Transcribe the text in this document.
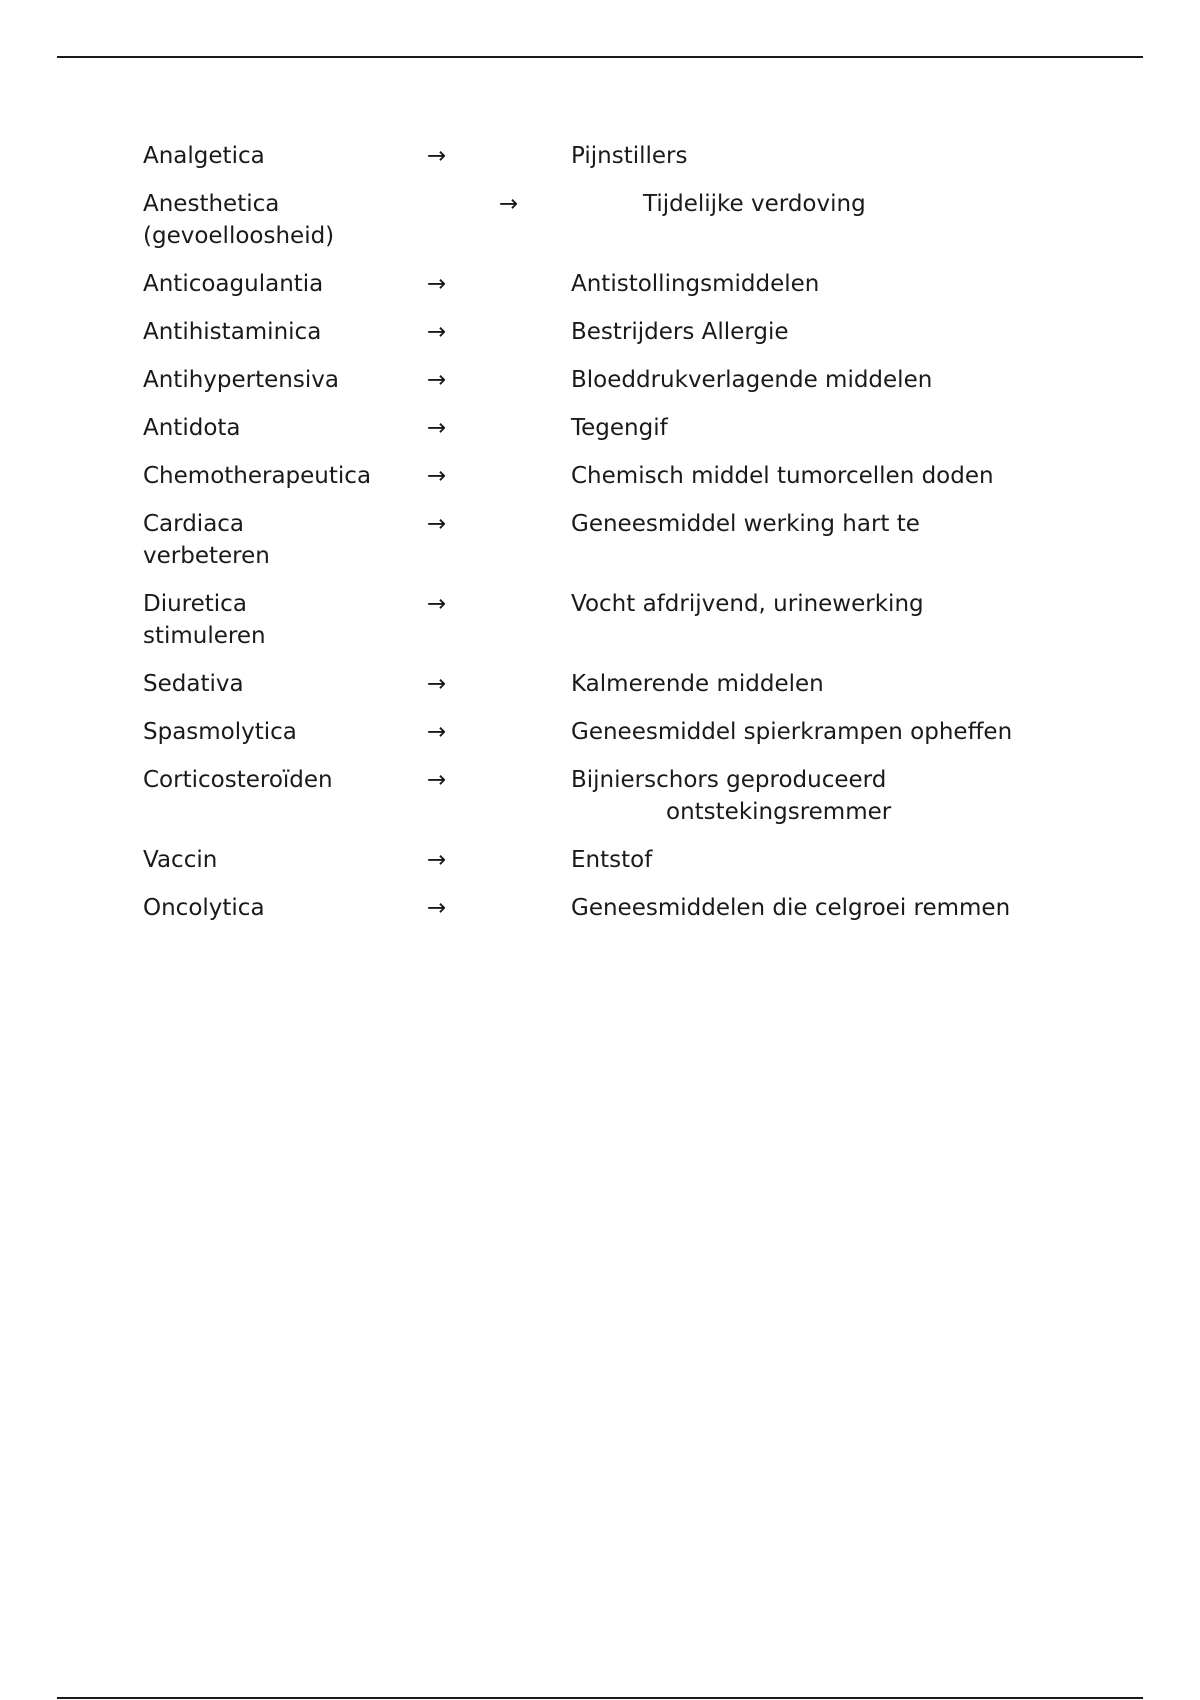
Analgetica	→	Pijnstillers
Anesthetica	→	Tijdelijke verdoving
(gevoelloosheid)
Anticoagulantia	→	Antistollingsmiddelen
Antihistaminica	→	Bestrijders Allergie
Antihypertensiva	→	Bloeddrukverlagende middelen
Antidota	→	Tegengif
Chemotherapeutica →	Chemisch middel tumorcellen doden
Cardiaca	→	Geneesmiddel werking hart te
verbeteren
Diuretica	→	Vocht afdrijvend, urinewerking
stimuleren
Sedativa	→	Kalmerende middelen
Spasmolytica	→	Geneesmiddel spierkrampen opheffen
Corticosteroïden	→	Bijnierschors geproduceerd
ontstekingsremmer
Vaccin	→	Entstof
Oncolytica	→	Geneesmiddelen die celgroei remmen
